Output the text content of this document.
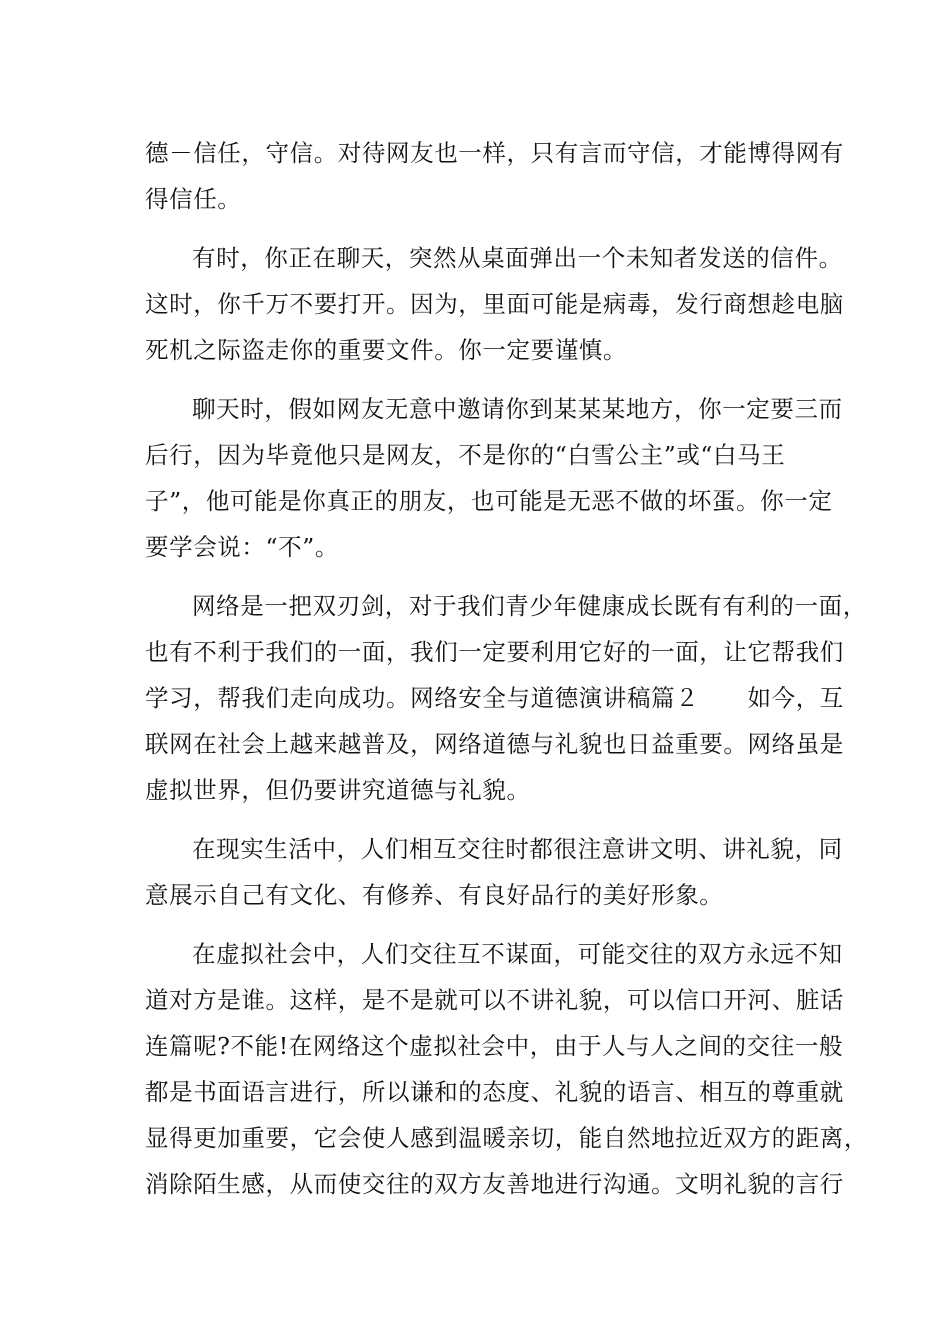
德－信任，守信。对待网友也一样，只有言而守信，才能博得网有
得信任。
有时，你正在聊天，突然从桌面弹出一个未知者发送的信件。
这时，你千万不要打开。因为，里面可能是病毒，发行商想趁电脑
死机之际盗走你的重要文件。你一定要谨慎。
聊天时，假如网友无意中邀请你到某某某地方，你一定要三而
后行，因为毕竟他只是网友，不是你的“白雪公主”或“白马王
子”，他可能是你真正的朋友，也可能是无恶不做的坏蛋。你一定
要学会说：“不”。
网络是一把双刃剑，对于我们青少年健康成长既有有利的一面，
也有不利于我们的一面，我们一定要利用它好的一面，让它帮我们
学习，帮我们走向成功。网络安全与道德演讲稿篇２　　如今，互
联网在社会上越来越普及，网络道德与礼貌也日益重要。网络虽是
虚拟世界，但仍要讲究道德与礼貌。
在现实生活中，人们相互交往时都很注意讲文明、讲礼貌，同
意展示自己有文化、有修养、有良好品行的美好形象。
在虚拟社会中，人们交往互不谋面，可能交往的双方永远不知
道对方是谁。这样，是不是就可以不讲礼貌，可以信口开河、脏话
连篇呢?不能!在网络这个虚拟社会中，由于人与人之间的交往一般
都是书面语言进行，所以谦和的态度、礼貌的语言、相互的尊重就
显得更加重要，它会使人感到温暖亲切，能自然地拉近双方的距离，
消除陌生感，从而使交往的双方友善地进行沟通。文明礼貌的言行
